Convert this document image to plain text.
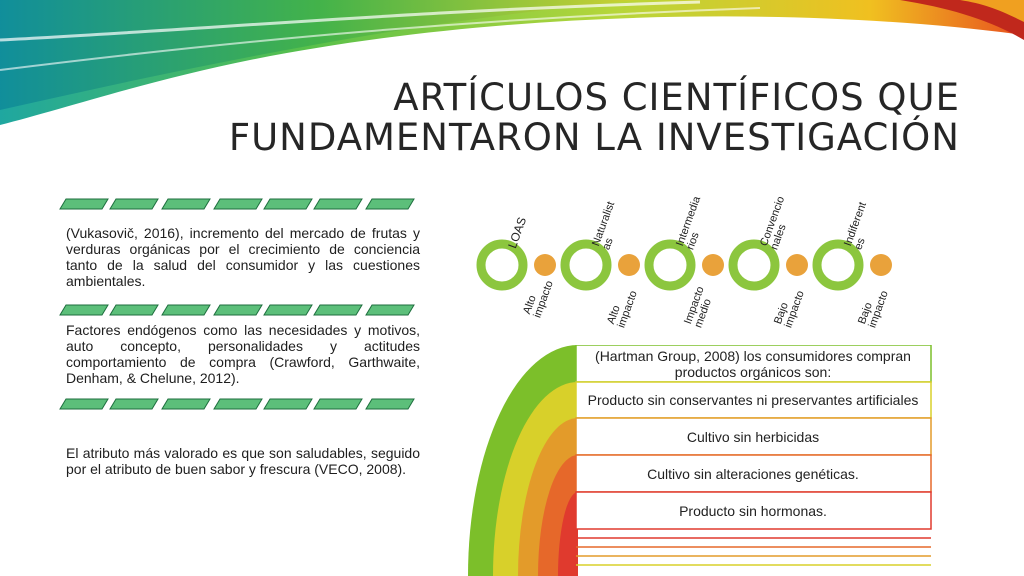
ARTÍCULOS CIENTÍFICOS QUE
FUNDAMENTARON LA INVESTIGACIÓN

(Vukasovič, 2016), incremento del mercado de frutas y verduras orgánicas por el crecimiento de conciencia tanto de la salud del consumidor y las cuestiones ambientales.

Factores endógenos como las necesidades y motivos, auto concepto, personalidades y actitudes comportamiento de compra (Crawford, Garthwaite, Denham, & Chelune, 2012).

El atributo más valorado es que son saludables, seguido por el atributo de buen sabor y frescura (VECO, 2008).

LOAS	Naturalist
as	Intermedia
rios	Convencio
nales	Indiferent
es
Alto
impacto	Alto
impacto	Impacto
medio	Bajo
impacto	Bajo
impacto
(Hartman Group, 2008) los consumidores compran productos orgánicos son:
Producto sin conservantes ni preservantes artificiales
Cultivo sin herbicidas
Cultivo sin alteraciones genéticas.
Producto sin hormonas.
